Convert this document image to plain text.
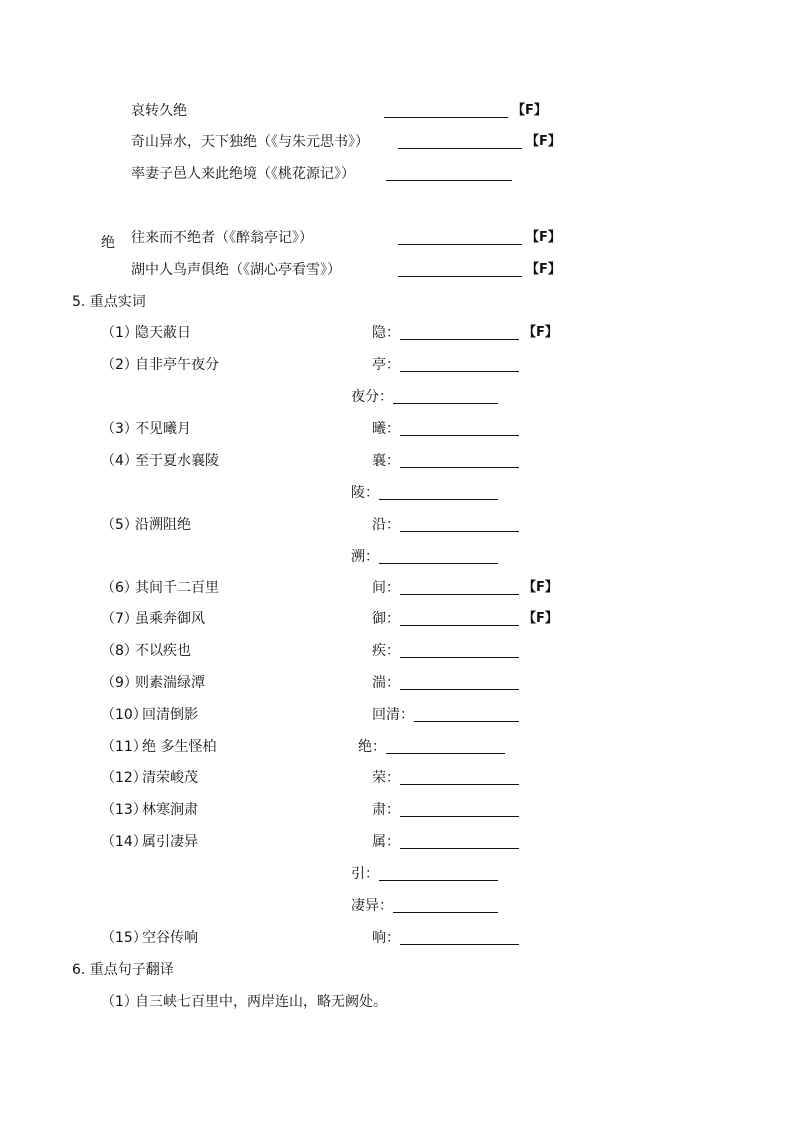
哀转久绝	【F】
奇山异水，天下独绝（《与朱元思书》）	【F】
率妻子邑人来此绝境（《桃花源记》）
绝 往来而不绝者（《醉翁亭记》）	【F】
湖中人鸟声俱绝（《湖心亭看雪》）	【F】
5. 重点实词
（1）
隐天蔽日	隐：	【F】
（2）
自非亭午夜分	亭：
夜分：
（3）
不见曦月	曦：
（4）
至于夏水襄陵	襄：
陵：
（5）
沿溯阻绝	沿：
溯：
（6）
其间千二百里	间：	【F】
（7）
虽乘奔御风	御：	【F】
（8）
不以疾也	疾：
（9）
则素湍绿潭	湍：
（10）
回清倒影	回清：
（11）
绝 多生怪柏	绝：
（12）
清荣峻茂	荣：
（13）
林寒涧肃	肃：
（14）
属引凄异	属：
引：
凄异：
（15）
空谷传响	响：
6. 重点句子翻译
（1）
自三峡七百里中，两岸连山，略无阙处。
